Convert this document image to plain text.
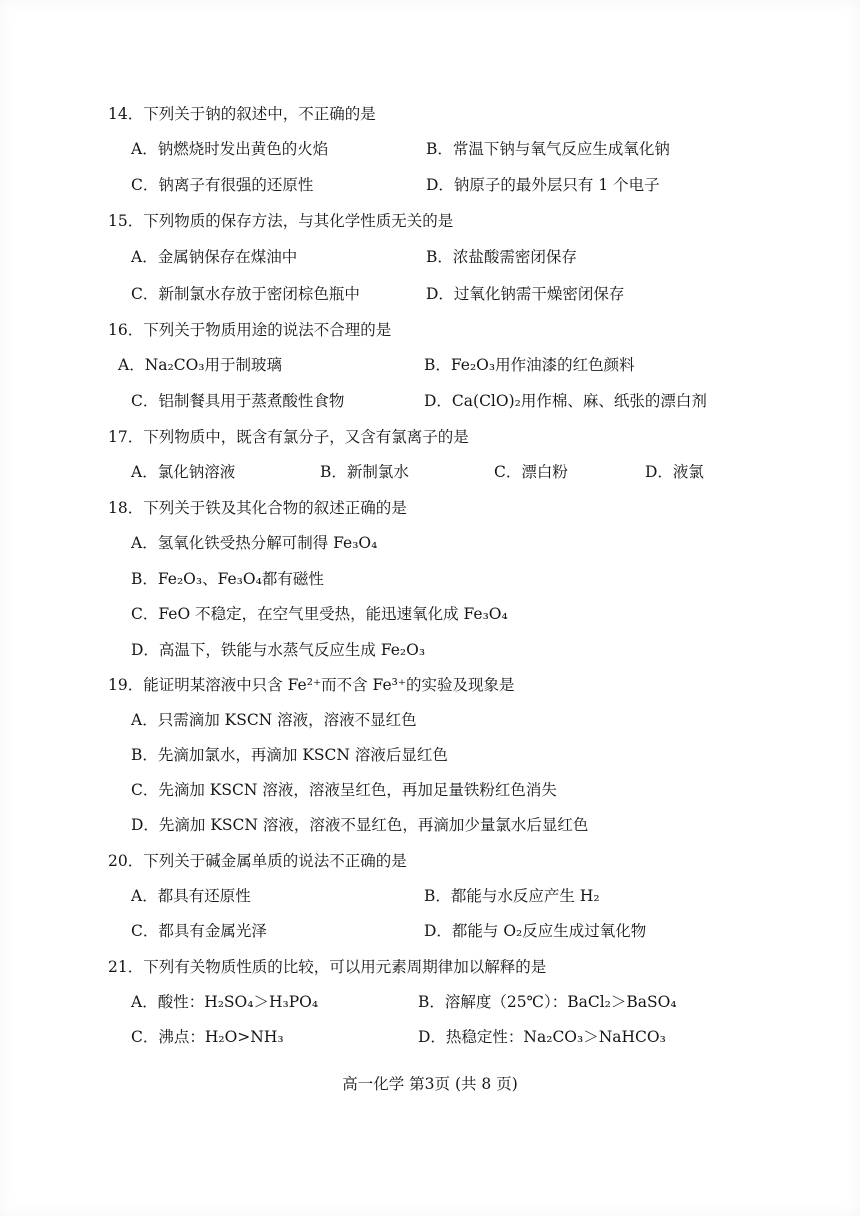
14．下列关于钠的叙述中，不正确的是
A．钠燃烧时发出黄色的火焰	B．常温下钠与氧气反应生成氧化钠
C．钠离子有很强的还原性	D．钠原子的最外层只有 1 个电子
15．下列物质的保存方法，与其化学性质无关的是
A．金属钠保存在煤油中	B．浓盐酸需密闭保存
C．新制氯水存放于密闭棕色瓶中	D．过氧化钠需干燥密闭保存
16．下列关于物质用途的说法不合理的是
A．Na₂CO₃用于制玻璃	B．Fe₂O₃用作油漆的红色颜料
C．铝制餐具用于蒸煮酸性食物	D．Ca(ClO)₂用作棉、麻、纸张的漂白剂
17．下列物质中，既含有氯分子，又含有氯离子的是
A．氯化钠溶液	B．新制氯水	C．漂白粉	D．液氯
18．下列关于铁及其化合物的叙述正确的是
A．氢氧化铁受热分解可制得 Fe₃O₄
B．Fe₂O₃、Fe₃O₄都有磁性
C．FeO 不稳定，在空气里受热，能迅速氧化成 Fe₃O₄
D．高温下，铁能与水蒸气反应生成 Fe₂O₃
19．能证明某溶液中只含 Fe²⁺而不含 Fe³⁺的实验及现象是
A．只需滴加 KSCN 溶液，溶液不显红色
B．先滴加氯水，再滴加 KSCN 溶液后显红色
C．先滴加 KSCN 溶液，溶液呈红色，再加足量铁粉红色消失
D．先滴加 KSCN 溶液，溶液不显红色，再滴加少量氯水后显红色
20．下列关于碱金属单质的说法不正确的是
A．都具有还原性	B．都能与水反应产生 H₂
C．都具有金属光泽	D．都能与 O₂反应生成过氧化物
21．下列有关物质性质的比较，可以用元素周期律加以解释的是
A．酸性：H₂SO₄＞H₃PO₄	B．溶解度（25℃）：BaCl₂＞BaSO₄
C．沸点：H₂O>NH₃	D．热稳定性：Na₂CO₃＞NaHCO₃
高一化学 第3页 (共 8 页)
